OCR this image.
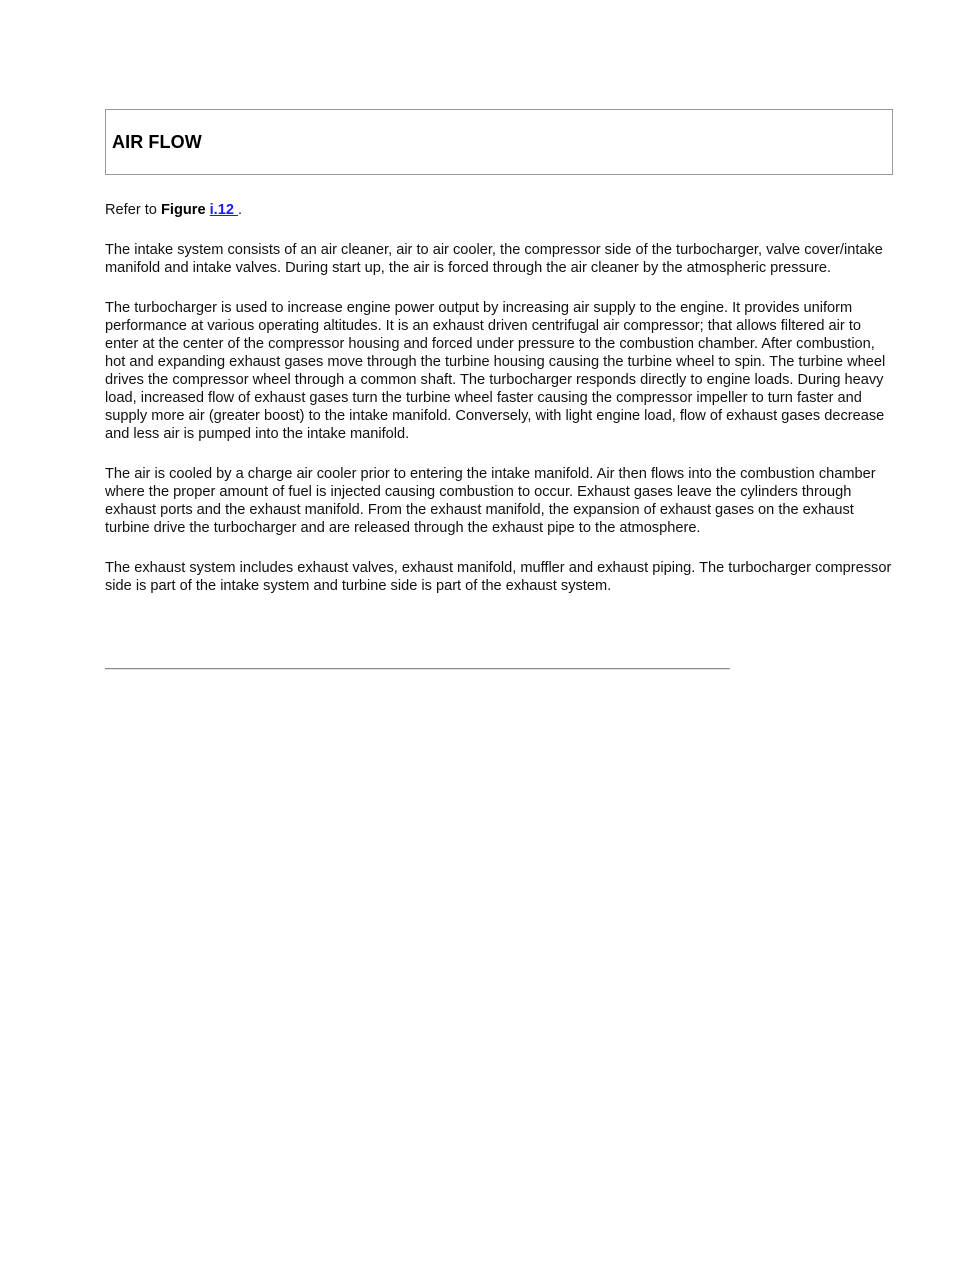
AIR FLOW

Refer to Figure i.12 .

The intake system consists of an air cleaner, air to air cooler, the compressor side of the turbocharger, valve cover/intake manifold and intake valves. During start up, the air is forced through the air cleaner by the atmospheric pressure.

The turbocharger is used to increase engine power output by increasing air supply to the engine. It provides uniform performance at various operating altitudes. It is an exhaust driven centrifugal air compressor; that allows filtered air to enter at the center of the compressor housing and forced under pressure to the combustion chamber. After combustion, hot and expanding exhaust gases move through the turbine housing causing the turbine wheel to spin. The turbine wheel drives the compressor wheel through a common shaft. The turbocharger responds directly to engine loads. During heavy load, increased flow of exhaust gases turn the turbine wheel faster causing the compressor impeller to turn faster and supply more air (greater boost) to the intake manifold. Conversely, with light engine load, flow of exhaust gases decrease and less air is pumped into the intake manifold.

The air is cooled by a charge air cooler prior to entering the intake manifold. Air then flows into the combustion chamber where the proper amount of fuel is injected causing combustion to occur. Exhaust gases leave the cylinders through exhaust ports and the exhaust manifold. From the exhaust manifold, the expansion of exhaust gases on the exhaust turbine drive the turbocharger and are released through the exhaust pipe to the atmosphere.

The exhaust system includes exhaust valves, exhaust manifold, muffler and exhaust piping. The turbocharger compressor side is part of the intake system and turbine side is part of the exhaust system.
